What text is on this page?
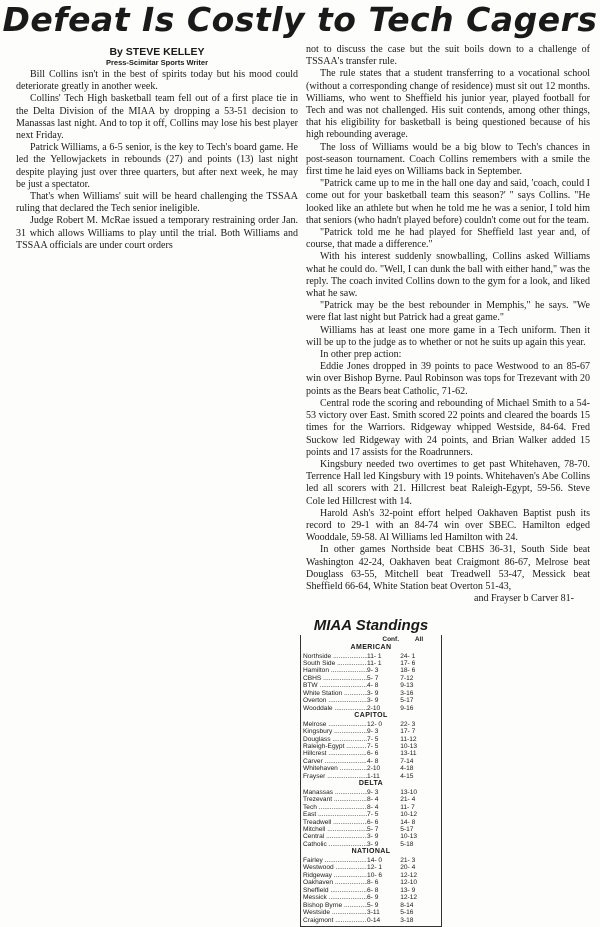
Defeat Is Costly to Tech Cagers
By STEVE KELLEY
Press-Scimitar Sports Writer

Bill Collins isn't in the best of spirits today but his mood could deteriorate greatly in another week.

Collins' Tech High basketball team fell out of a first place tie in the Delta Division of the MIAA by dropping a 53-51 decision to Manassas last night. And to top it off, Collins may lose his best player next Friday.

Patrick Williams, a 6-5 senior, is the key to Tech's board game. He led the Yellowjackets in rebounds (27) and points (13) last night despite playing just over three quarters, but after next week, he may be just a spectator.

That's when Williams' suit will be heard challenging the TSSAA ruling that declared the Tech senior ineligible.

Judge Robert M. McRae issued a temporary restraining order Jan. 31 which allows Williams to play until the trial. Both Williams and TSSAA officials are under court orders

not to discuss the case but the suit boils down to a challenge of TSSAA's transfer rule.

The rule states that a student transferring to a vocational school (without a corresponding change of residence) must sit out 12 months. Williams, who went to Sheffield his junior year, played football for Tech and was not challenged. His suit contends, among other things, that his eligibility for basketball is being questioned because of his high rebounding average.

The loss of Williams would be a big blow to Tech's chances in post-season tournament. Coach Collins remembers with a smile the first time he laid eyes on Williams back in September.

"Patrick came up to me in the hall one day and said, 'coach, could I come out for your basketball team this season?' " says Collins. "He looked like an athlete but when he told me he was a senior, I told him that seniors (who hadn't played before) couldn't come out for the team.

"Patrick told me he had played for Sheffield last year and, of course, that made a difference."

With his interest suddenly snowballing, Collins asked Williams what he could do. "Well, I can dunk the ball with either hand," was the reply. The coach invited Collins down to the gym for a look, and liked what he saw.

"Patrick may be the best rebounder in Memphis," he says. "We were flat last night but Patrick had a great game."

Williams has at least one more game in a Tech uniform. Then it will be up to the judge as to whether or not he suits up again this year.

In other prep action:

Eddie Jones dropped in 39 points to pace Westwood to an 85-67 win over Bishop Byrne. Paul Robinson was tops for Trezevant with 20 points as the Bears beat Catholic, 71-62.

Central rode the scoring and rebounding of Michael Smith to a 54-53 victory over East. Smith scored 22 points and cleared the boards 15 times for the Warriors. Ridgeway whipped Westside, 84-64. Fred Suckow led Ridgeway with 24 points, and Brian Walker added 15 points and 17 assists for the Roadrunners.

Kingsbury needed two overtimes to get past Whitehaven, 78-70. Terrence Hall led Kingsbury with 19 points. Whitehaven's Abe Collins led all scorers with 21. Hillcrest beat Raleigh-Egypt, 59-56. Steve Cole led Hillcrest with 14.

Harold Ash's 32-point effort helped Oakhaven Baptist push its record to 29-1 with an 84-74 win over SBEC. Hamilton edged Wooddale, 59-58. Al Williams led Hamilton with 24.

In other games Northside beat CBHS 36-31, South Side beat Washington 42-24, Oakhaven beat Craigmont 86-67, Melrose beat Douglass 63-55, Mitchell beat Treadwell 53-47, Messick beat Sheffield 66-64, White Station beat Overton 51-43,

and Frayser b Carver 81-

MIAA Standings
Conf.	All
AMERICAN
Northside .....	11- 1	24- 1
South Side .....	11- 1	17- 6
Hamilton .....	9- 3	18- 6
CBHS .....	5- 7	7-12
BTW .....	4- 8	9-13
White Station .....	3- 9	3-16
Overton .....	3- 9	5-17
Wooddale .....	2-10	9-16
CAPITOL
Melrose .....	12- 0	22- 3
Kingsbury .....	9- 3	17- 7
Douglass .....	7- 5	11-12
Raleigh-Egypt .....	7- 5	10-13
Hillcrest .....	6- 6	13-11
Carver .....	4- 8	7-14
Whitehaven .....	2-10	4-18
Frayser .....	1-11	4-15
DELTA
Manassas .....	9- 3	13-10
Trezevant .....	8- 4	21- 4
Tech .....	8- 4	11- 7
East .....	7- 5	10-12
Treadwell .....	6- 6	14- 8
Mitchell .....	5- 7	5-17
Central .....	3- 9	10-13
Catholic .....	3- 9	5-18
NATIONAL
Fairley .....	14- 0	21- 3
Westwood .....	12- 1	20- 4
Ridgeway .....	10- 6	12-12
Oakhaven .....	8- 6	12-10
Sheffield .....	6- 8	13- 9
Messick .....	6- 9	12-12
Bishop Byrne .....	5- 9	8-14
Westside .....	3-11	5-16
Craigmont .....	0-14	3-18
